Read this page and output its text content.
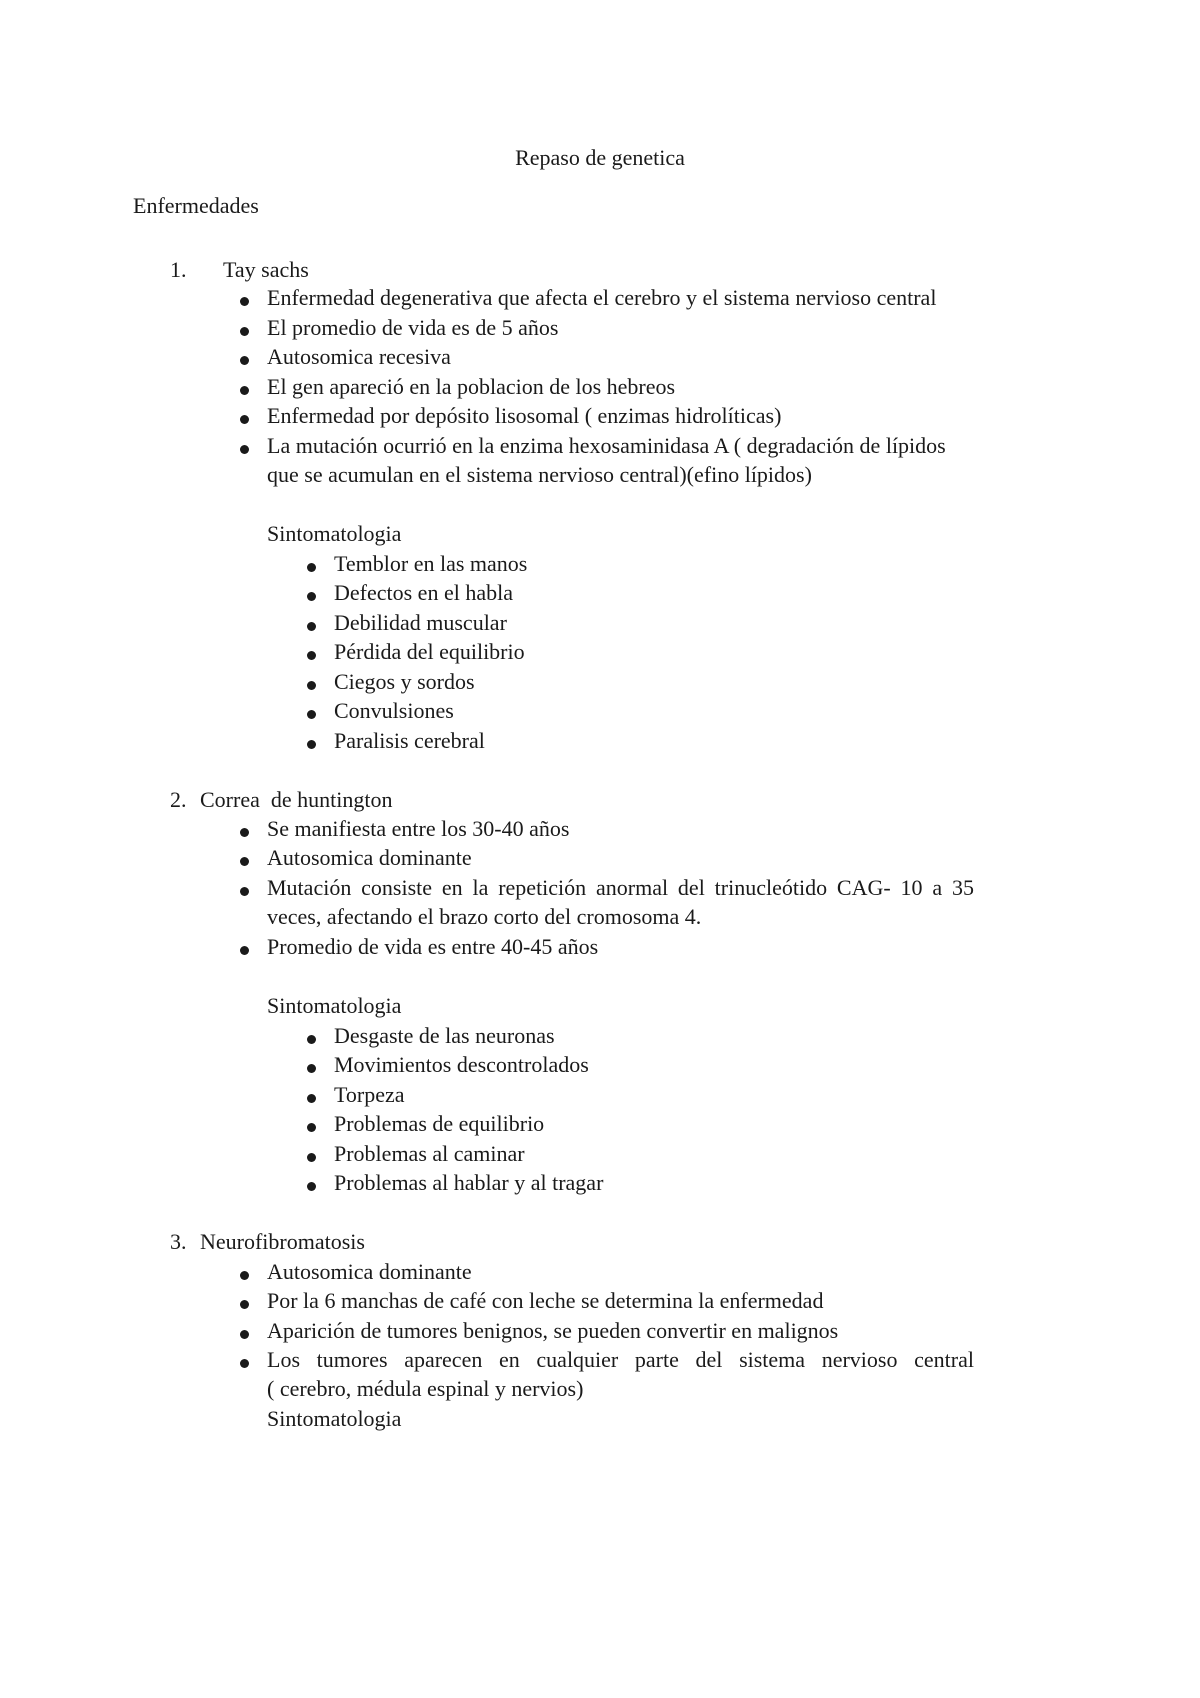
Repaso de genetica
Enfermedades
1. Tay sachs
Enfermedad degenerativa que afecta el cerebro y el sistema nervioso central
El promedio de vida es de 5 años
Autosomica recesiva
El gen apareció en la poblacion de los hebreos
Enfermedad por depósito lisosomal ( enzimas hidrolíticas)
La mutación ocurrió en la enzima hexosaminidasa A ( degradación de lípidos
que se acumulan en el sistema nervioso central)(efino lípidos)
Sintomatologia
Temblor en las manos
Defectos en el habla
Debilidad muscular
Pérdida del equilibrio
Ciegos y sordos
Convulsiones
Paralisis cerebral
2. Correa  de huntington
Se manifiesta entre los 30-40 años
Autosomica dominante
Mutación consiste en la repetición anormal del trinucleótido CAG- 10 a 35
veces, afectando el brazo corto del cromosoma 4.
Promedio de vida es entre 40-45 años
Sintomatologia
Desgaste de las neuronas
Movimientos descontrolados
Torpeza
Problemas de equilibrio
Problemas al caminar
Problemas al hablar y al tragar
3. Neurofibromatosis
Autosomica dominante
Por la 6 manchas de café con leche se determina la enfermedad
Aparición de tumores benignos, se pueden convertir en malignos
Los tumores aparecen en cualquier parte del sistema nervioso central
( cerebro, médula espinal y nervios)
Sintomatologia
